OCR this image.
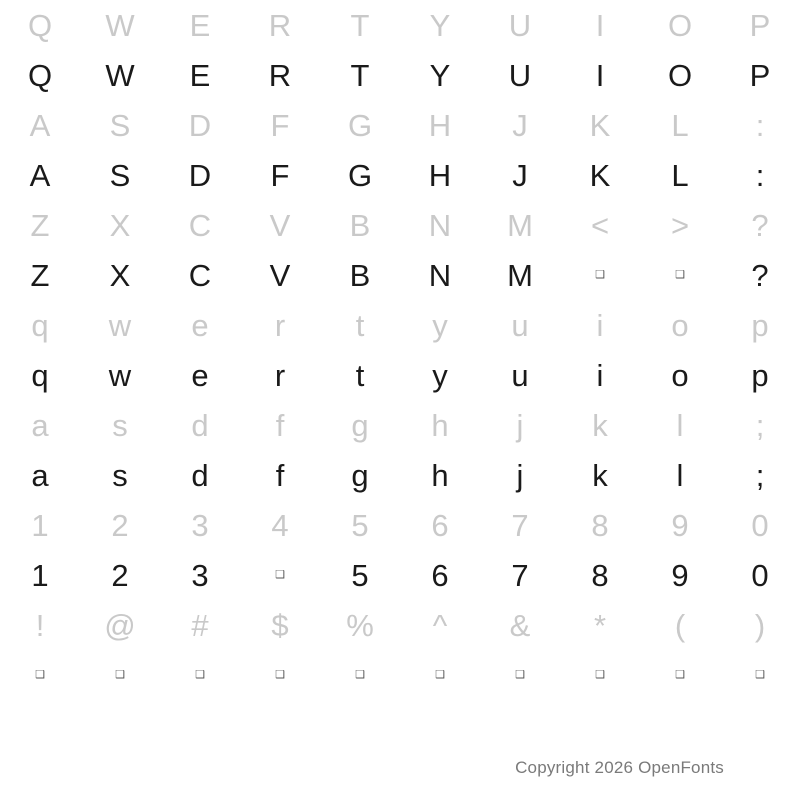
Q	W	E	R	T	Y	U	I	O	P
Q	W	E	R	T	Y	U	I	O	P
A	S	D	F	G	H	J	K	L	:
A	S	D	F	G	H	J	K	L	:
Z	X	C	V	B	N	M	<	>	?
Z	X	C	V	B	N	M	❑	❑	?
q	w	e	r	t	y	u	i	o	p
q	w	e	r	t	y	u	i	o	p
a	s	d	f	g	h	j	k	l	;
a	s	d	f	g	h	j	k	l	;
1	2	3	4	5	6	7	8	9	0
1	2	3	❑	5	6	7	8	9	0
!	@	#	$	%	^	&	*	(	)
❑	❑	❑	❑	❑	❑	❑	❑	❑	❑
Copyright 2026 OpenFonts
